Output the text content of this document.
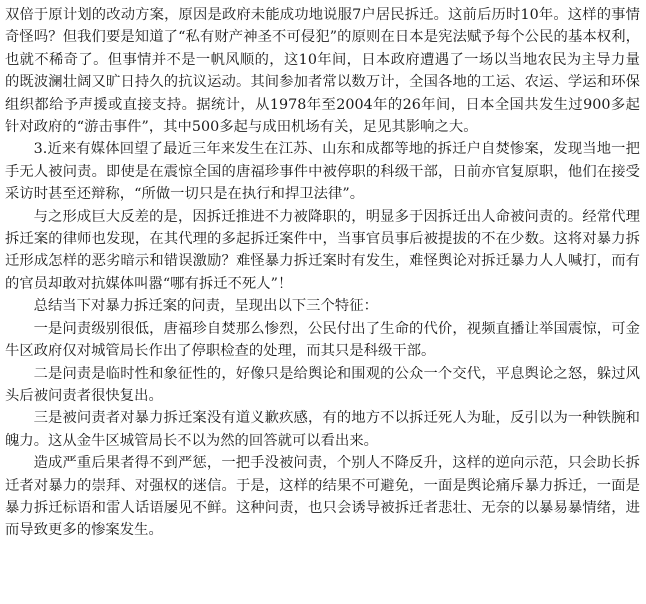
双倍于原计划的改动方案，原因是政府未能成功地说服7户居民拆迁。这前后历时10年。这样的事情奇怪吗？但我们要是知道了“私有财产神圣不可侵犯”的原则在日本是宪法赋予每个公民的基本权利，也就不稀奇了。但事情并不是一帆风顺的，这10年间，日本政府遭遇了一场以当地农民为主导力量的既波澜壮阔又旷日持久的抗议运动。其间参加者常以数万计，全国各地的工运、农运、学运和环保组织都给予声援或直接支持。据统计，从1978年至2004年的26年间，日本全国共发生过900多起针对政府的“游击事件”，其中500多起与成田机场有关，足见其影响之大。

3.近来有媒体回望了最近三年来发生在江苏、山东和成都等地的拆迁户自焚惨案，发现当地一把手无人被问责。即使是在震惊全国的唐福珍事件中被停职的科级干部，日前亦官复原职，他们在接受采访时甚至还辩称，“所做一切只是在执行和捍卫法律”。

与之形成巨大反差的是，因拆迁推进不力被降职的，明显多于因拆迁出人命被问责的。经常代理拆迁案的律师也发现，在其代理的多起拆迁案件中，当事官员事后被提拔的不在少数。这将对暴力拆迁形成怎样的恶劣暗示和错误激励？难怪暴力拆迁案时有发生，难怪舆论对拆迁暴力人人喊打，而有的官员却敢对抗媒体叫嚣“哪有拆迁不死人”！

总结当下对暴力拆迁案的问责，呈现出以下三个特征：

一是问责级别很低，唐福珍自焚那么惨烈，公民付出了生命的代价，视频直播让举国震惊，可金牛区政府仅对城管局长作出了停职检查的处理，而其只是科级干部。

二是问责是临时性和象征性的，好像只是给舆论和围观的公众一个交代，平息舆论之怒，躲过风头后被问责者很快复出。

三是被问责者对暴力拆迁案没有道义歉疚感，有的地方不以拆迁死人为耻，反引以为一种铁腕和魄力。这从金牛区城管局长不以为然的回答就可以看出来。

造成严重后果者得不到严惩，一把手没被问责，个别人不降反升，这样的逆向示范，只会助长拆迁者对暴力的崇拜、对强权的迷信。于是，这样的结果不可避免，一面是舆论痛斥暴力拆迁，一面是暴力拆迁标语和雷人话语屡见不鲜。这种问责，也只会诱导被拆迁者悲壮、无奈的以暴易暴情绪，进而导致更多的惨案发生。
